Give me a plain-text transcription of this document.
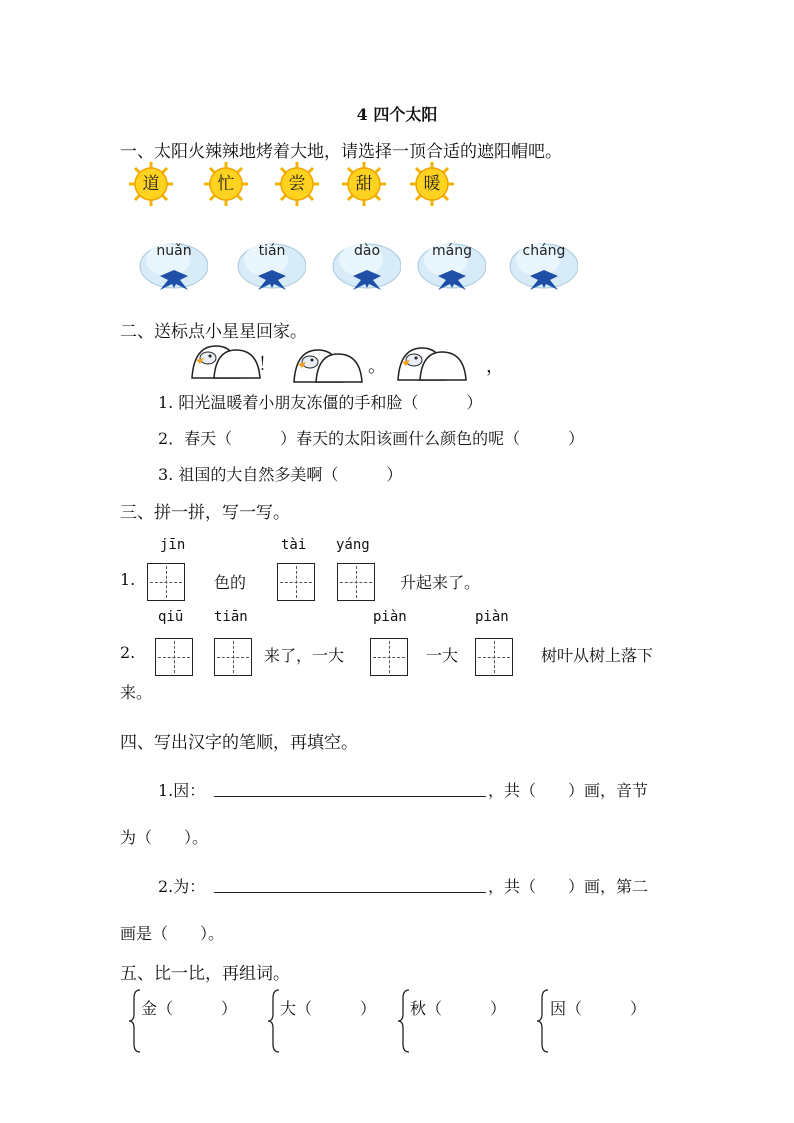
4 四个太阳
一、太阳火辣辣地烤着大地，请选择一顶合适的遮阳帽吧。
道	忙	尝	甜	暖
nuǎn	tián	dào	máng	cháng
二、送标点小星星回家。
！	。	，
1. 阳光温暖着小朋友冻僵的手和脸（　　　）
2．春天（　　　）春天的太阳该画什么颜色的呢（　　　）
3. 祖国的大自然多美啊（　　　）
三、拼一拼，写一写。
jīn	tài yáng
1.	色的	升起来了。
qiū tiān	piàn	piàn
2.	来了，一大	一大	树叶从树上落下
来。
四、写出汉字的笔顺，再填空。
1.因：	，共（　　）画，音节
为（　　）。
2.为：	，共（　　）画，第二
画是（　　）。
五、比一比，再组词。
金（　　　）	大（　　　） 秋（　　　）	因（　　　）
